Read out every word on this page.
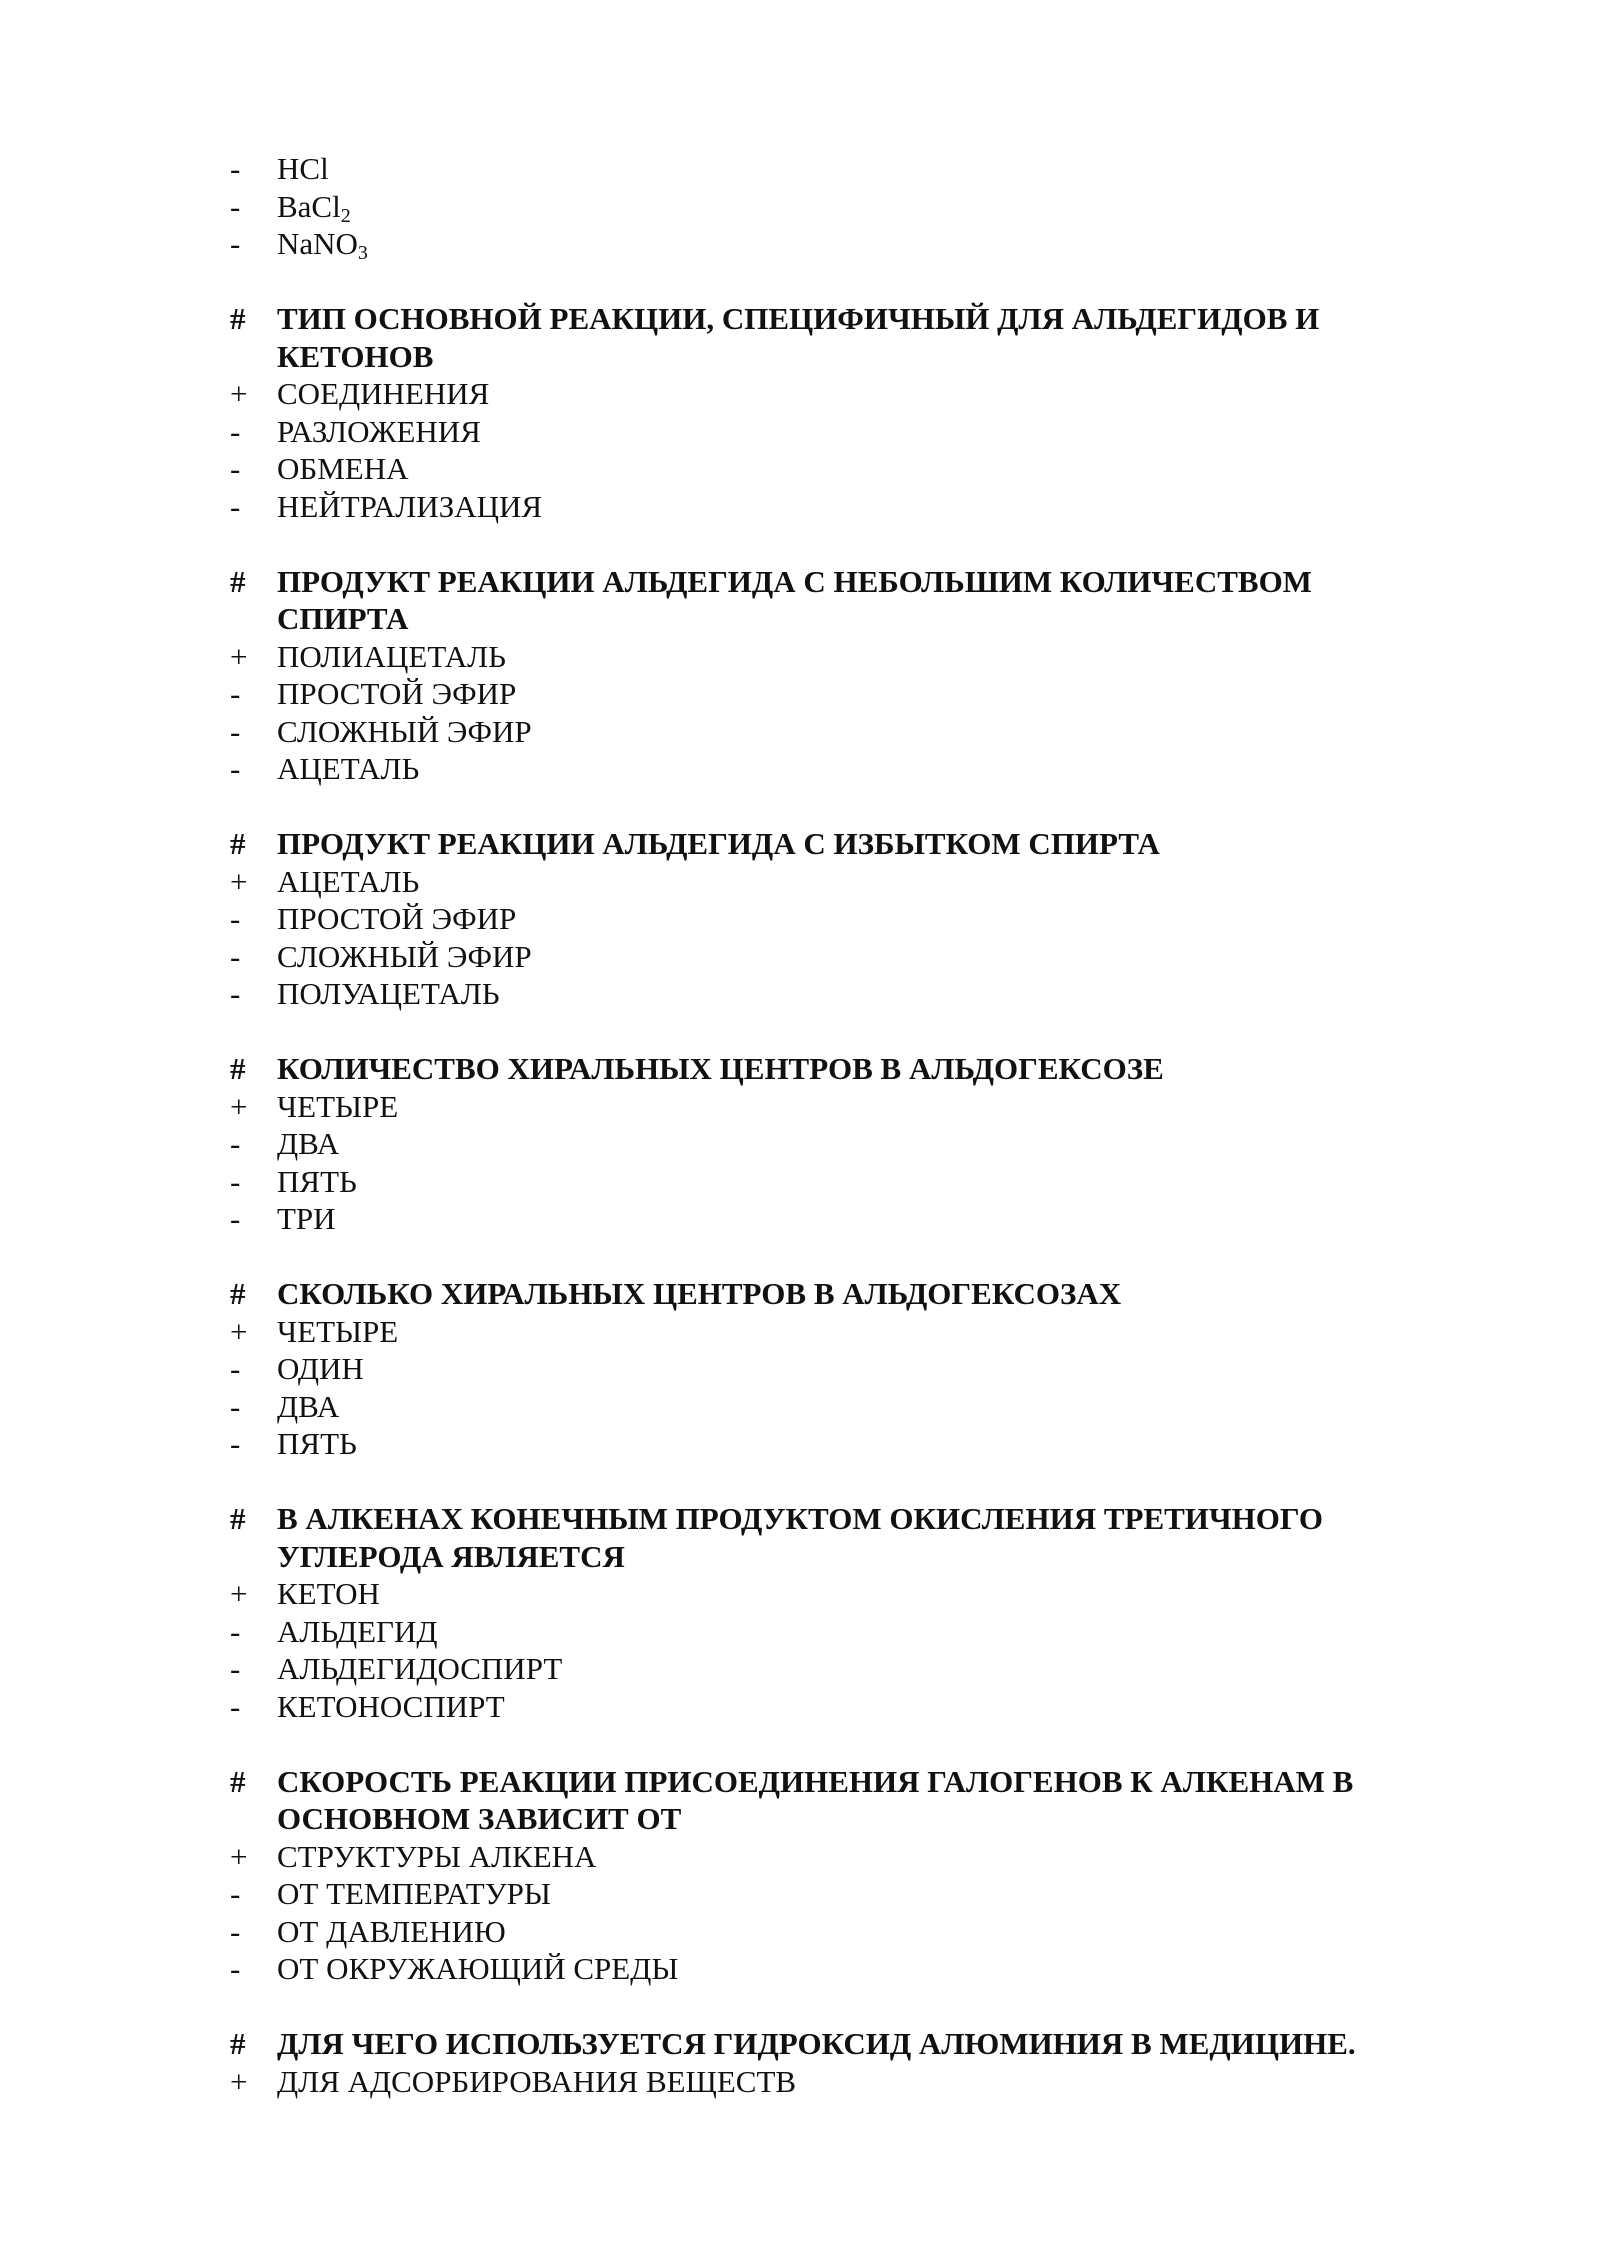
-	HCl
-	BaCl$_2$
-	NaNO$_3$
#	ТИП ОСНОВНОЙ РЕАКЦИИ, СПЕЦИФИЧНЫЙ ДЛЯ АЛЬДЕГИДОВ И КЕТОНОВ
+ СОЕДИНЕНИЯ
-	РАЗЛОЖЕНИЯ
-	ОБМЕНА
-	НЕЙТРАЛИЗАЦИЯ
#	ПРОДУКТ РЕАКЦИИ АЛЬДЕГИДА С НЕБОЛЬШИМ КОЛИЧЕСТВОМ СПИРТА
+ ПОЛИАЦЕТАЛЬ
-	ПРОСТОЙ ЭФИР
-	СЛОЖНЫЙ ЭФИР
-	АЦЕТАЛЬ
#	ПРОДУКТ РЕАКЦИИ АЛЬДЕГИДА С ИЗБЫТКОМ СПИРТА
+ АЦЕТАЛЬ
-	ПРОСТОЙ ЭФИР
-	СЛОЖНЫЙ ЭФИР
-	ПОЛУАЦЕТАЛЬ
#	КОЛИЧЕСТВО ХИРАЛЬНЫХ ЦЕНТРОВ В АЛЬДОГЕКСОЗЕ
+ ЧЕТЫРЕ
-	ДВА
-	ПЯТЬ
-	ТРИ
#	СКОЛЬКО ХИРАЛЬНЫХ ЦЕНТРОВ В АЛЬДОГЕКСОЗАХ
+ ЧЕТЫРЕ
-	ОДИН
-	ДВА
-	ПЯТЬ
#	В АЛКЕНАХ КОНЕЧНЫМ ПРОДУКТОМ ОКИСЛЕНИЯ ТРЕТИЧНОГО УГЛЕРОДА ЯВЛЯЕТСЯ
+ КЕТОН
-	АЛЬДЕГИД
-	АЛЬДЕГИДОСПИРТ
-	КЕТОНОСПИРТ
#	СКОРОСТЬ РЕАКЦИИ ПРИСОЕДИНЕНИЯ ГАЛОГЕНОВ К АЛКЕНАМ В ОСНОВНОМ ЗАВИСИТ ОТ
+ СТРУКТУРЫ АЛКЕНА
-	ОТ ТЕМПЕРАТУРЫ
-	ОТ ДАВЛЕНИЮ
-	ОТ ОКРУЖАЮЩИЙ СРЕДЫ
#	ДЛЯ ЧЕГО ИСПОЛЬЗУЕТСЯ ГИДРОКСИД АЛЮМИНИЯ В МЕДИЦИНЕ.
+ ДЛЯ АДСОРБИРОВАНИЯ ВЕЩЕСТВ
